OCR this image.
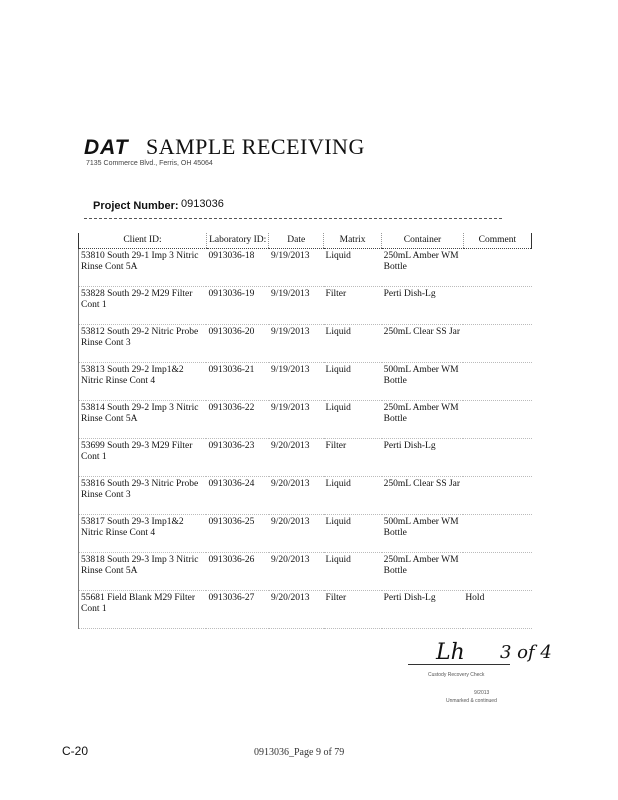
DAT SAMPLE RECEIVING
7135 Commerce Blvd., Ferris, OH 45064
Project Number: 0913036
Client ID:	Laboratory ID:	Date	Matrix	Container	Comment
53810 South 29-1 Imp 3 Nitric Rinse Cont 5A	0913036-18	9/19/2013	Liquid	250mL Amber WM Bottle	
53828 South 29-2 M29 Filter Cont 1	0913036-19	9/19/2013	Filter	Perti Dish-Lg	
53812 South 29-2 Nitric Probe Rinse Cont 3	0913036-20	9/19/2013	Liquid	250mL Clear SS Jar	
53813 South 29-2 Imp1&2 Nitric Rinse Cont 4	0913036-21	9/19/2013	Liquid	500mL Amber WM Bottle	
53814 South 29-2 Imp 3 Nitric Rinse Cont 5A	0913036-22	9/19/2013	Liquid	250mL Amber WM Bottle	
53699 South 29-3 M29 Filter Cont 1	0913036-23	9/20/2013	Filter	Perti Dish-Lg	
53816 South 29-3 Nitric Probe Rinse Cont 3	0913036-24	9/20/2013	Liquid	250mL Clear SS Jar	
53817 South 29-3 Imp1&2 Nitric Rinse Cont 4	0913036-25	9/20/2013	Liquid	500mL Amber WM Bottle	
53818 South 29-3 Imp 3 Nitric Rinse Cont 5A	0913036-26	9/20/2013	Liquid	250mL Amber WM Bottle	
55681 Field Blank M29 Filter Cont 1	0913036-27	9/20/2013	Filter	Perti Dish-Lg	Hold
Lh 3 of 4
Custody Recovery Check
9/2013
Unmarked & continued
C-20	0913036_Page 9 of 79
